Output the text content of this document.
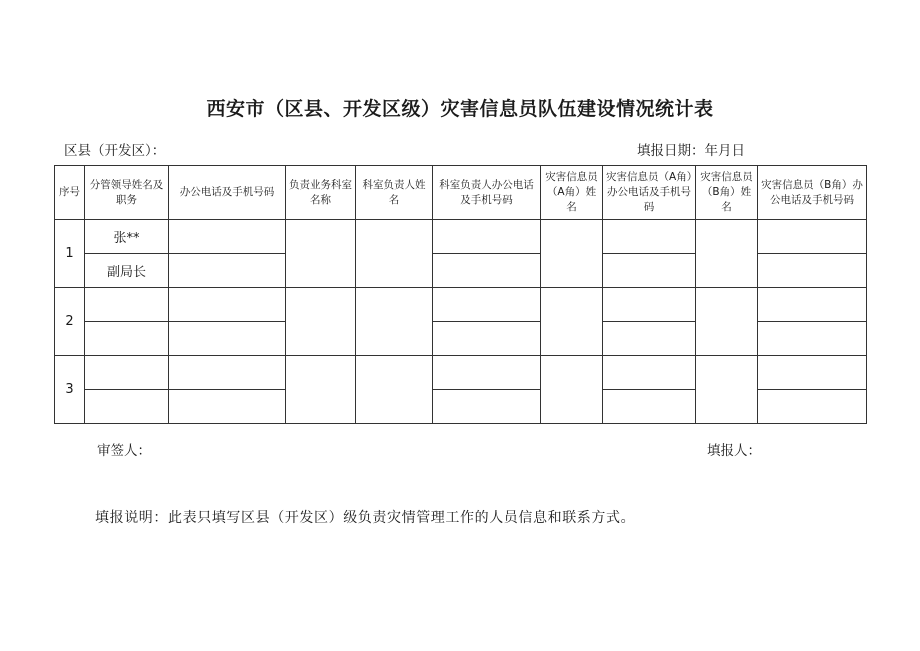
西安市（区县、开发区级）灾害信息员队伍建设情况统计表
区县（开发区）：	填报日期：年月日
序号	分管领导姓名及职务	办公电话及手机号码	负责业务科室名称	科室负责人姓名	科室负责人办公电话及手机号码	灾害信息员（A角）姓名	灾害信息员（A角）办公电话及手机号码	灾害信息员（B角）姓名	灾害信息员（B角）办公电话及手机号码
1	张**								
	副局长								
2									

3									

审签人：	填报人：
填报说明：此表只填写区县（开发区）级负责灾情管理工作的人员信息和联系方式。
